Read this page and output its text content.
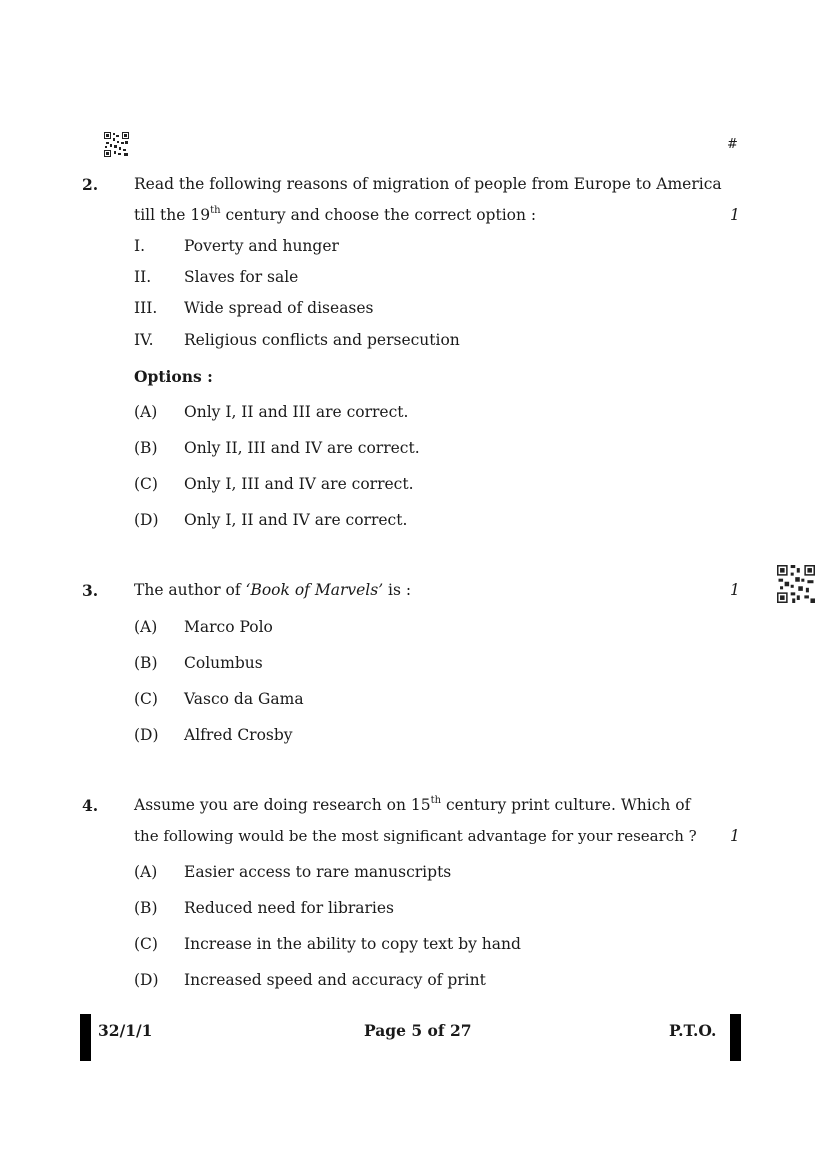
#
2. Read the following reasons of migration of people from Europe to America
till the 19th century and choose the correct option :	1
I.	Poverty and hunger
II. Slaves for sale
III. Wide spread of diseases
IV. Religious conflicts and persecution
Options :
(A) Only I, II and III are correct.
(B) Only II, III and IV are correct.
(C) Only I, III and IV are correct.
(D) Only I, II and IV are correct.
3. The author of ‘Book of Marvels’ is :	1
(A) Marco Polo
(B) Columbus
(C) Vasco da Gama
(D) Alfred Crosby
4. Assume you are doing research on 15th century print culture. Which of
the following would be the most significant advantage for your research ? 1
(A) Easier access to rare manuscripts
(B) Reduced need for libraries
(C) Increase in the ability to copy text by hand
(D) Increased speed and accuracy of print
32/1/1	Page 5 of 27	P.T.O.
